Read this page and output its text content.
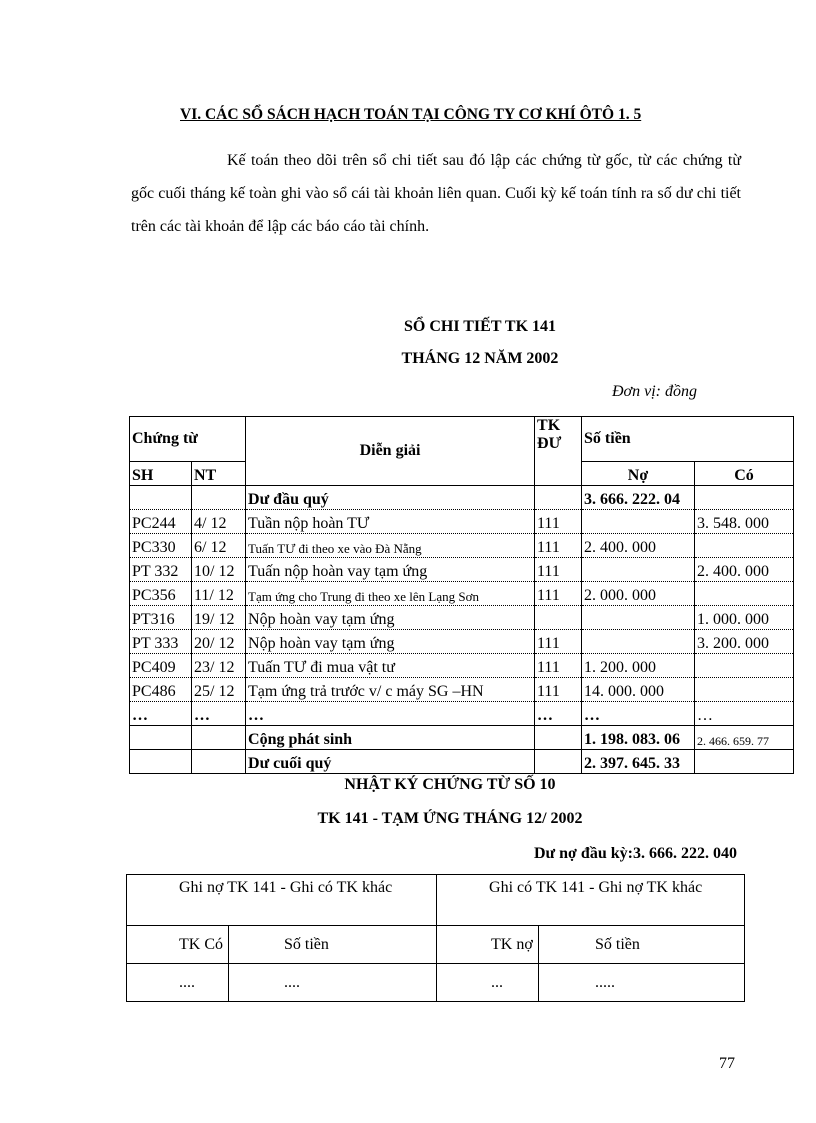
VI. CÁC SỔ SÁCH HẠCH TOÁN TẠI CÔNG TY CƠ KHÍ ÔTÔ 1. 5
Kế toán theo dõi trên sổ chi tiết sau đó lập các chứng từ gốc, từ các chứng từ gốc cuối tháng kế toàn ghi vào sổ cái tài khoản liên quan. Cuối kỳ kế toán tính ra số dư chi tiết trên các tài khoản để lập các báo cáo tài chính.
SỔ CHI TIẾT TK 141
THÁNG 12 NĂM 2002
Đơn vị: đồng
Chứng từ		Diễn giải	TK ĐƯ	Số tiền	
SH	NT			Nợ	Có
		Dư đầu quý		3. 666. 222. 04	
PC244	4/ 12	Tuần nộp hoàn TƯ	111		3. 548. 000
PC330	6/ 12	Tuấn TƯ đi theo xe vào Đà Nẵng	111	2. 400. 000	
PT 332	10/ 12	Tuấn nộp hoàn vay tạm ứng	111		2. 400. 000
PC356	11/ 12	Tạm ứng cho Trung đi theo xe lên Lạng Sơn	111	2. 000. 000	
PT316	19/ 12	Nộp hoàn vay tạm ứng			1. 000. 000
PT 333	20/ 12	Nộp hoàn vay tạm ứng	111		3. 200. 000
PC409	23/ 12	Tuấn TƯ đi mua vật tư	111	1. 200. 000	
PC486	25/ 12	Tạm ứng trả trước v/ c máy SG –HN	111	14. 000. 000	
…	…	…	…	…	…
		Cộng phát sinh		1. 198. 083. 06	2. 466. 659. 77
		Dư cuối quý		2. 397. 645. 33	
NHẬT KÝ CHỨNG TỪ SỐ 10
TK 141 - TẠM ỨNG THÁNG 12/ 2002
Dư nợ đầu kỳ:3. 666. 222. 040
Ghi nợ TK 141 - Ghi có TK khác		Ghi có TK 141 - Ghi nợ TK khác	
TK Có	Số tiền	TK nợ	Số tiền
....	....	...	.....
77
